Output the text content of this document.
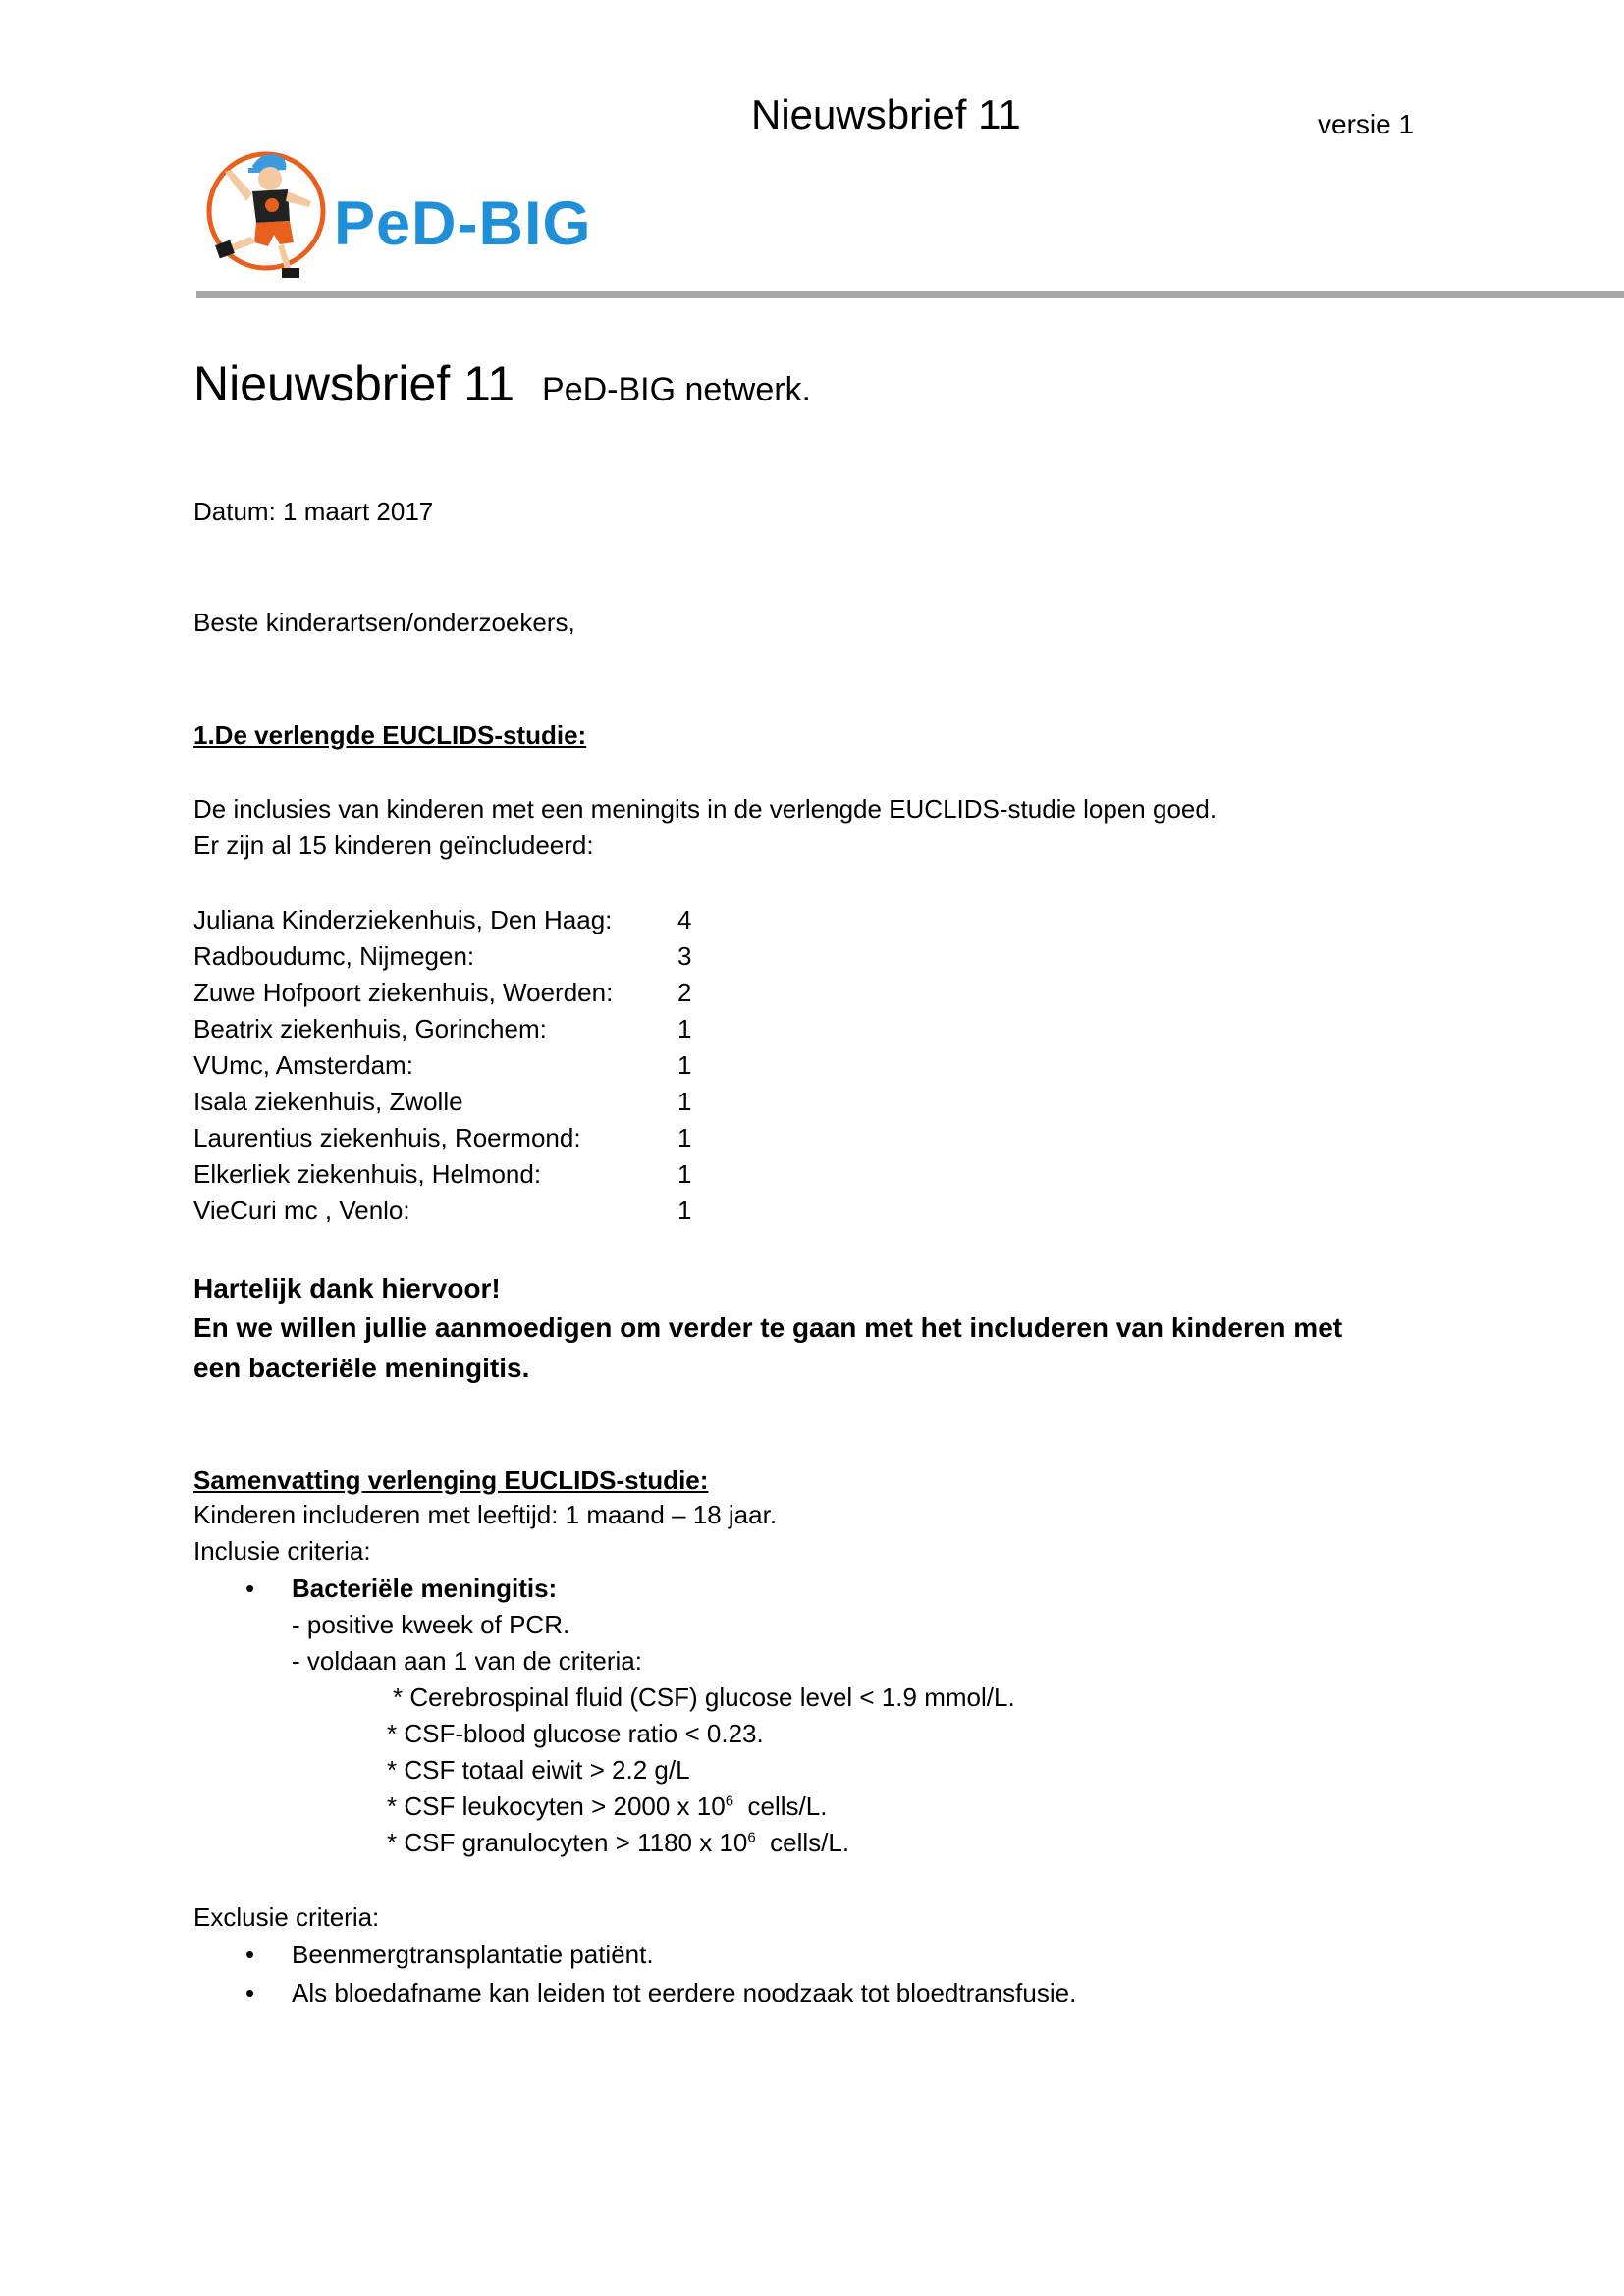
Nieuwsbrief 11	versie 1
PeD-BIG
Nieuwsbrief 11 PeD-BIG netwerk.
Datum: 1 maart 2017
Beste kinderartsen/onderzoekers,
1.De verlengde EUCLIDS-studie:
De inclusies van kinderen met een meningits in de verlengde EUCLIDS-studie lopen goed.
Er zijn al 15 kinderen geïncludeerd:
Juliana Kinderziekenhuis, Den Haag:	4
Radboudumc, Nijmegen:	3
Zuwe Hofpoort ziekenhuis, Woerden:	2
Beatrix ziekenhuis, Gorinchem:	1
VUmc, Amsterdam:	1
Isala ziekenhuis, Zwolle	1
Laurentius ziekenhuis, Roermond:	1
Elkerliek ziekenhuis, Helmond:	1
VieCuri mc , Venlo:	1
Hartelijk dank hiervoor!
En we willen jullie aanmoedigen om verder te gaan met het includeren van kinderen met
een bacteriële meningitis.
Samenvatting verlenging EUCLIDS-studie:
Kinderen includeren met leeftijd: 1 maand – 18 jaar.
Inclusie criteria:
• Bacteriële meningitis:
- positive kweek of PCR.
- voldaan aan 1 van de criteria:
* Cerebrospinal fluid (CSF) glucose level < 1.9 mmol/L.
* CSF-blood glucose ratio < 0.23.
* CSF totaal eiwit > 2.2 g/L
* CSF leukocyten > 2000 x $10^6$  cells/L.
* CSF granulocyten > 1180 x $10^6$  cells/L.
Exclusie criteria:
• Beenmergtransplantatie patiënt.
• Als bloedafname kan leiden tot eerdere noodzaak tot bloedtransfusie.
